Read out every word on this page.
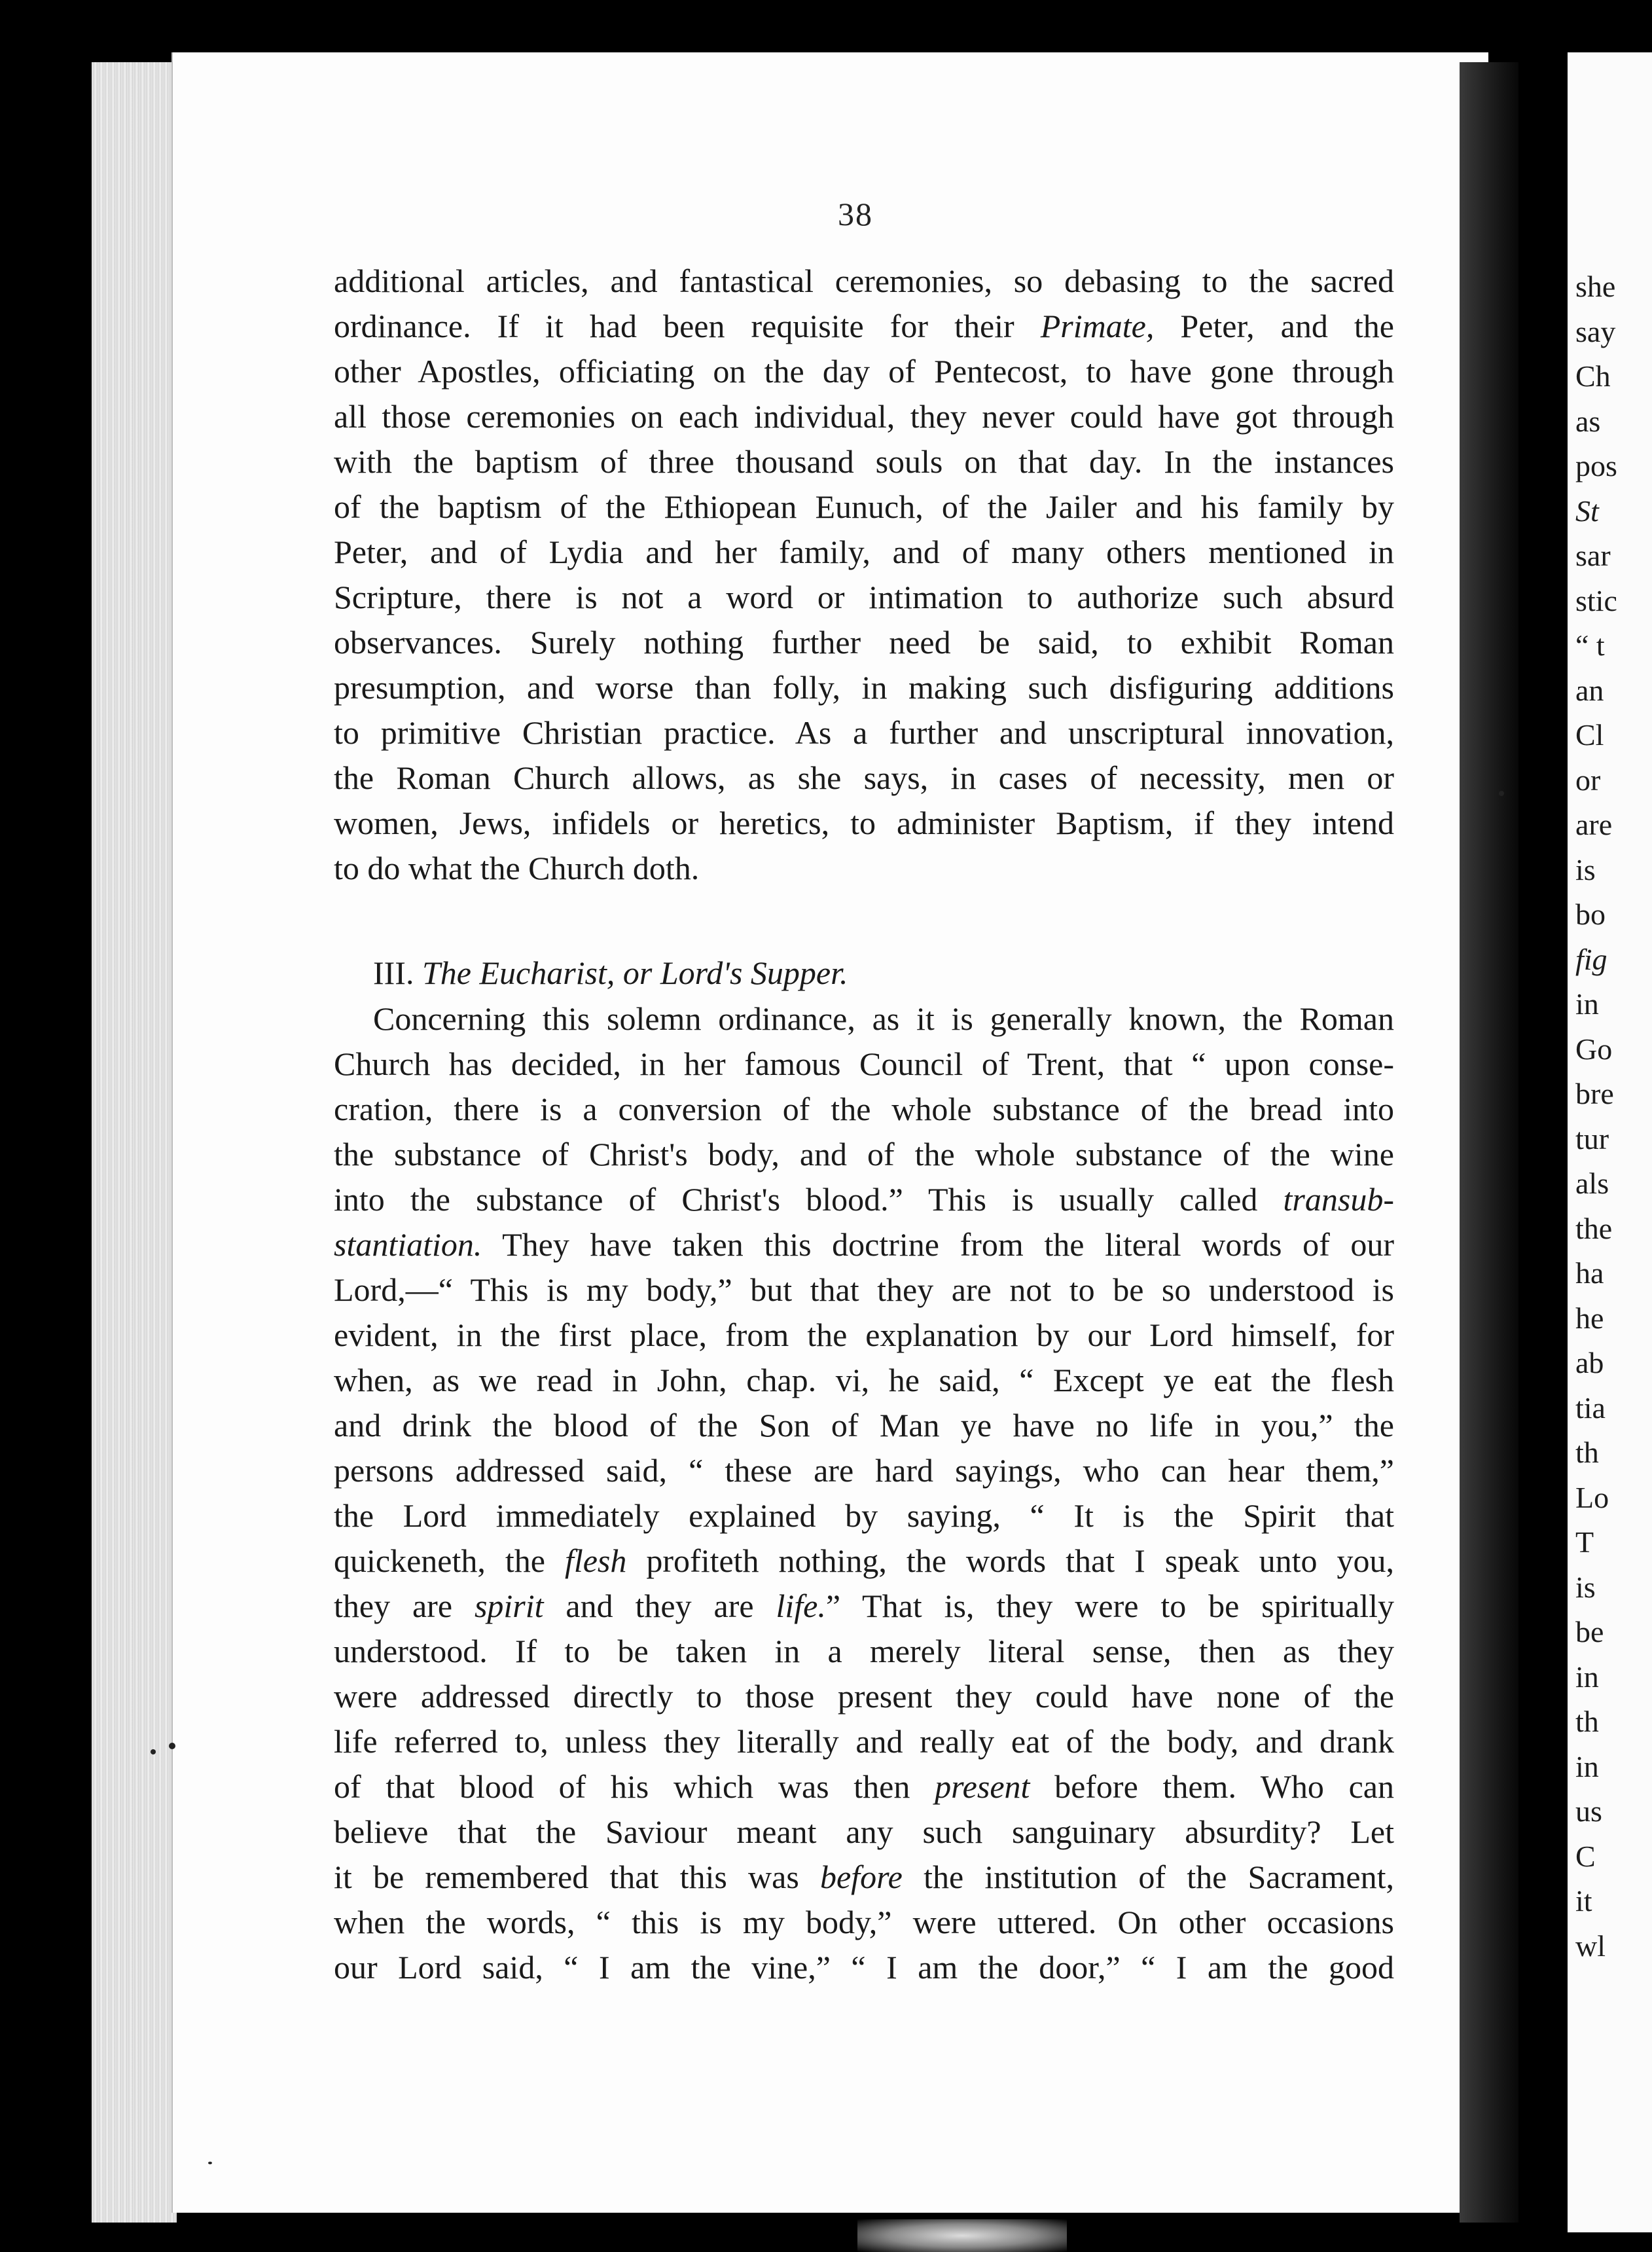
she
say
Ch
as
pos
St
sar
stic
“ t
an
Cl
or
are
is
bo
fig
in
Go
bre
tur
als
the
ha
he
ab
tia
th
Lo
T
is
be
in
th
in
us
C
it
wl
38
additional articles, and fantastical ceremonies, so debasing to the sacred
ordinance. If it had been requisite for their Primate, Peter, and the
other Apostles, officiating on the day of Pentecost, to have gone through
all those ceremonies on each individual, they never could have got through
with the baptism of three thousand souls on that day. In the instances
of the baptism of the Ethiopean Eunuch, of the Jailer and his family by
Peter, and of Lydia and her family, and of many others mentioned in
Scripture, there is not a word or intimation to authorize such absurd
observances. Surely nothing further need be said, to exhibit Roman
presumption, and worse than folly, in making such disfiguring additions
to primitive Christian practice. As a further and unscriptural innovation,
the Roman Church allows, as she says, in cases of necessity, men or
women, Jews, infidels or heretics, to administer Baptism, if they intend
to do what the Church doth.
III. The Eucharist, or Lord's Supper.
Concerning this solemn ordinance, as it is generally known, the Roman
Church has decided, in her famous Council of Trent, that “ upon conse-
cration, there is a conversion of the whole substance of the bread into
the substance of Christ's body, and of the whole substance of the wine
into the substance of Christ's blood.” This is usually called transub-
stantiation. They have taken this doctrine from the literal words of our
Lord,—“ This is my body,” but that they are not to be so understood is
evident, in the first place, from the explanation by our Lord himself, for
when, as we read in John, chap. vi, he said, “ Except ye eat the flesh
and drink the blood of the Son of Man ye have no life in you,” the
persons addressed said, “ these are hard sayings, who can hear them,”
the Lord immediately explained by saying, “ It is the Spirit that
quickeneth, the flesh profiteth nothing, the words that I speak unto you,
they are spirit and they are life.” That is, they were to be spiritually
understood. If to be taken in a merely literal sense, then as they
were addressed directly to those present they could have none of the
life referred to, unless they literally and really eat of the body, and drank
of that blood of his which was then present before them. Who can
believe that the Saviour meant any such sanguinary absurdity? Let
it be remembered that this was before the institution of the Sacrament,
when the words, “ this is my body,” were uttered. On other occasions
our Lord said, “ I am the vine,” “ I am the door,” “ I am the good
